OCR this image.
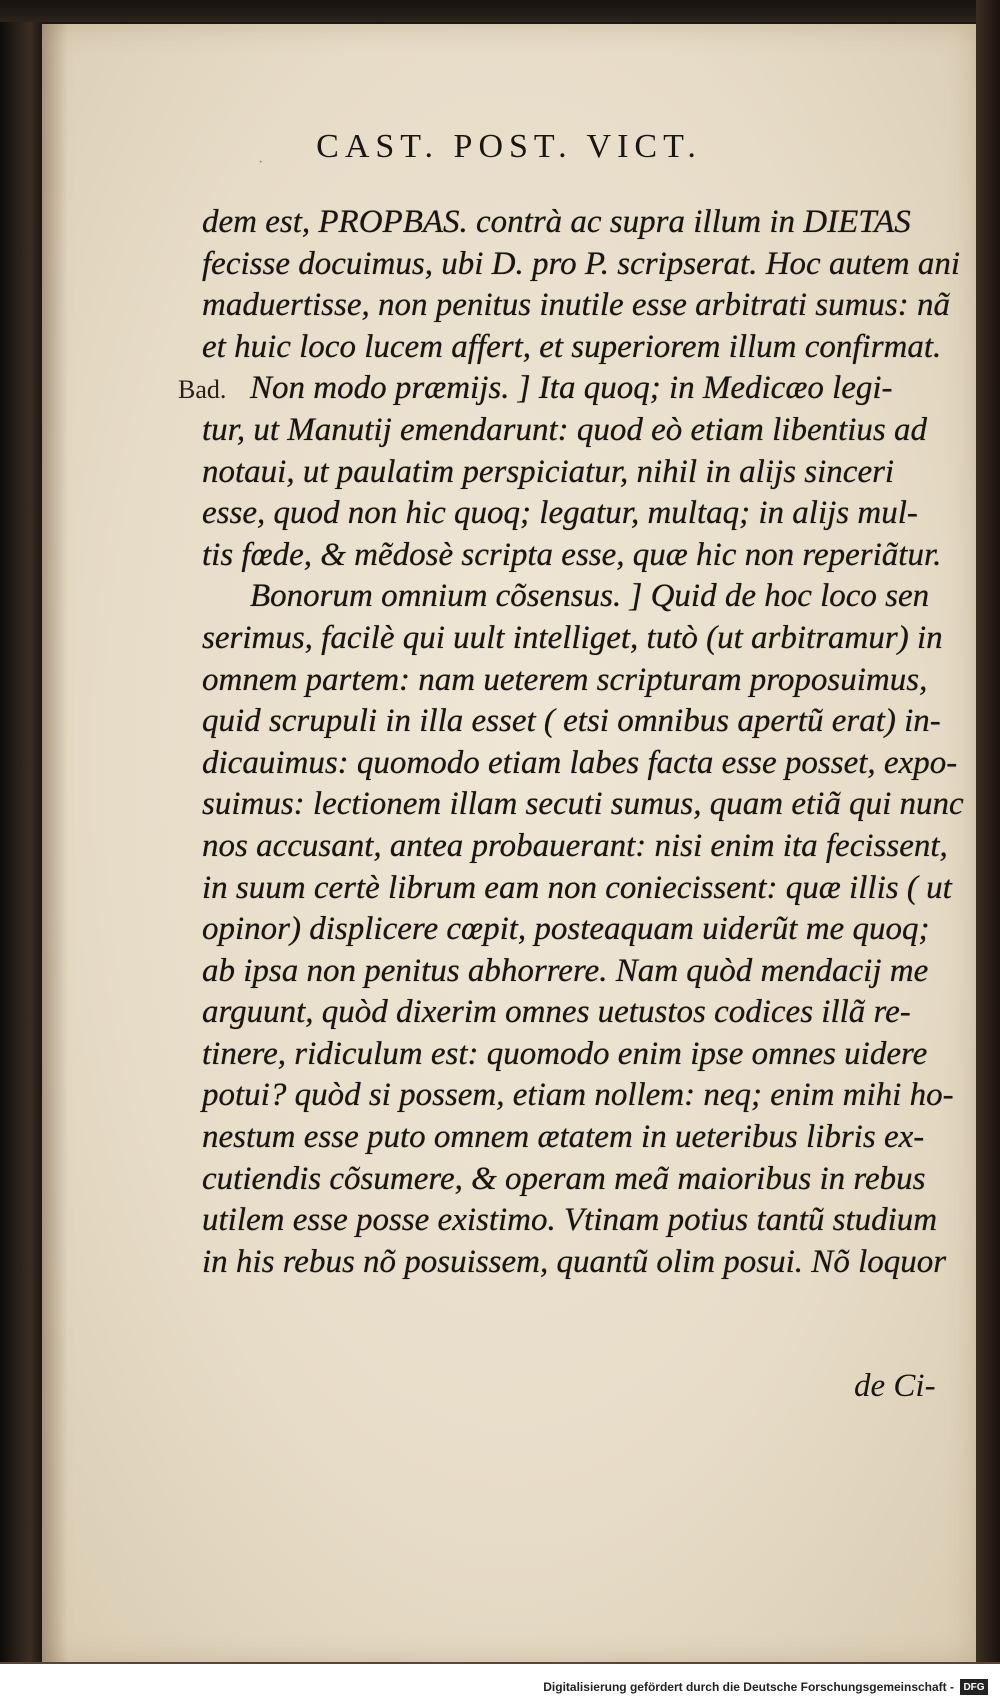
·	CAST. POST. VICT.
Bad.
dem est, PROPBAS. contrà ac supra illum in DIETAS
fecisse docuimus, ubi D. pro P. scripserat. Hoc autem ani
maduertisse, non penitus inutile esse arbitrati sumus: nã
et huic loco lucem affert, et superiorem illum confirmat.
Non modo præmijs. ] Ita quoq; in Medicæo legi-
tur, ut Manutij emendarunt: quod eò etiam libentius ad
notaui, ut paulatim perspiciatur, nihil in alijs sinceri
esse, quod non hic quoq; legatur, multaq; in alijs mul-
tis fœde, & mẽdosè scripta esse, quæ hic non reperiãtur.
Bonorum omnium cõsensus. ] Quid de hoc loco sen
serimus, facilè qui uult intelliget, tutò (ut arbitramur) in
omnem partem: nam ueterem scripturam proposuimus,
quid scrupuli in illa esset ( etsi omnibus apertũ erat) in-
dicauimus: quomodo etiam labes facta esse posset, expo-
suimus: lectionem illam secuti sumus, quam etiã qui nunc
nos accusant, antea probauerant: nisi enim ita fecissent,
in suum certè librum eam non coniecissent: quæ illis ( ut
opinor) displicere cœpit, posteaquam uiderũt me quoq;
ab ipsa non penitus abhorrere. Nam quòd mendacij me
arguunt, quòd dixerim omnes uetustos codices illã re-
tinere, ridiculum est: quomodo enim ipse omnes uidere
potui? quòd si possem, etiam nollem: neq; enim mihi ho-
nestum esse puto omnem ætatem in ueteribus libris ex-
cutiendis cõsumere, & operam meã maioribus in rebus
utilem esse posse existimo. Vtinam potius tantũ studium
in his rebus nõ posuissem, quantũ olim posui. Nõ loquor
de Ci-
Digitalisierung gefördert durch die Deutsche Forschungsgemeinschaft - DFG
